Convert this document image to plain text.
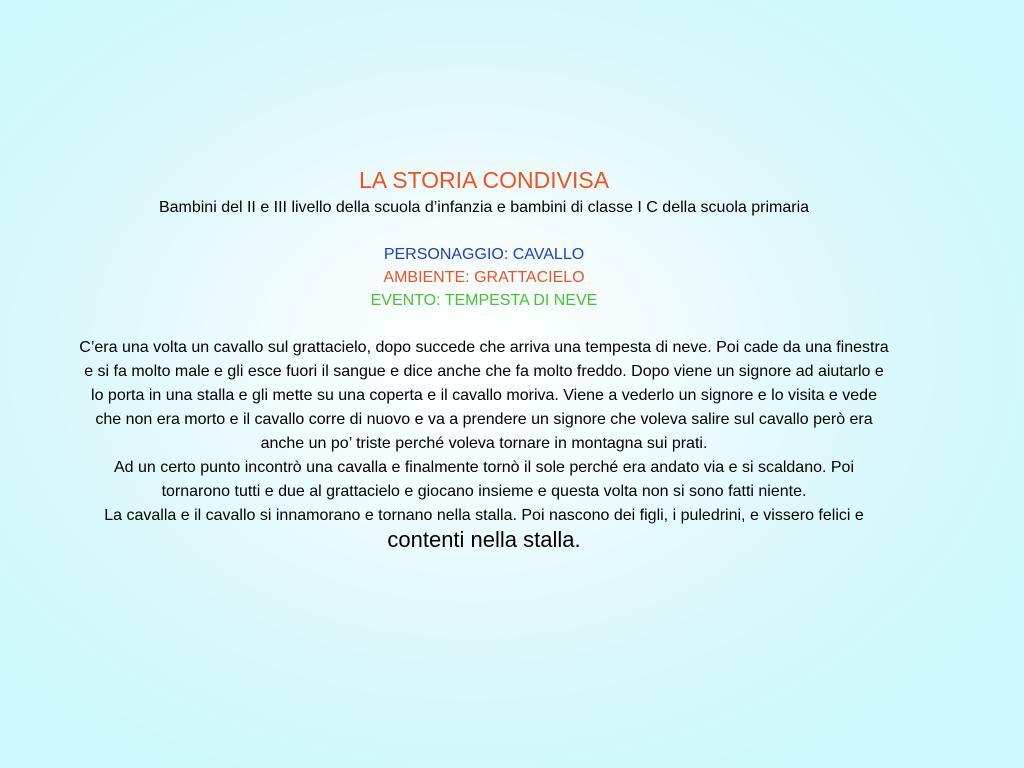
LA STORIA CONDIVISA
Bambini del II e III livello della scuola d’infanzia e bambini di classe I C della scuola primaria
PERSONAGGIO: CAVALLO
AMBIENTE: GRATTACIELO
EVENTO: TEMPESTA DI NEVE
C’era una volta un cavallo sul grattacielo, dopo succede che arriva una tempesta di neve. Poi cade da una finestra e si fa molto male e gli esce fuori il sangue e dice anche che fa molto freddo. Dopo viene un signore ad aiutarlo e lo porta in una stalla e gli mette su una coperta e il cavallo moriva. Viene a vederlo un signore e lo visita e vede che non era morto e il cavallo corre di nuovo e va a prendere un signore che voleva salire sul cavallo però era anche un po’ triste perché voleva tornare in montagna sui prati.
Ad un certo punto incontrò una cavalla e finalmente tornò il sole perché era andato via e si scaldano. Poi tornarono tutti e due al grattacielo e giocano insieme e questa volta non si sono fatti niente.
La cavalla e il cavallo si innamorano e tornano nella stalla. Poi nascono dei figli, i puledrini, e vissero felici e contenti nella stalla.
